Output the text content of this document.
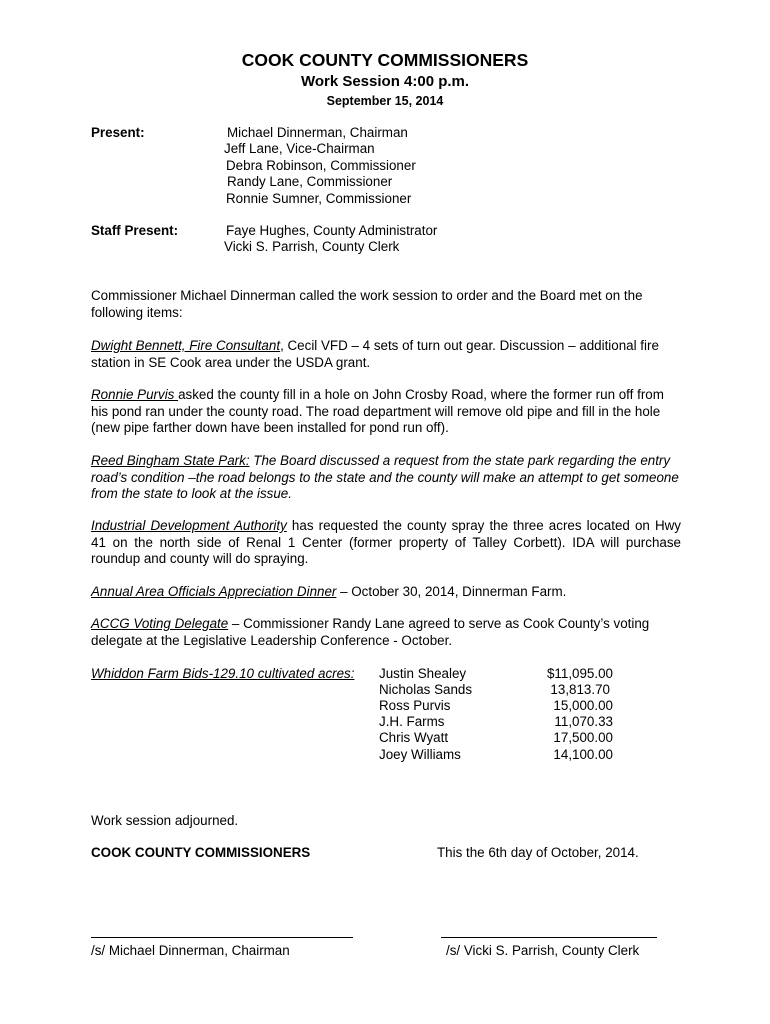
COOK COUNTY COMMISSIONERS
Work Session 4:00 p.m.
September 15, 2014
Present:	Michael Dinnerman, Chairman
Jeff Lane, Vice-Chairman
Debra Robinson, Commissioner
Randy Lane, Commissioner
Ronnie Sumner, Commissioner
Staff Present:	Faye Hughes, County Administrator
Vicki S. Parrish, County Clerk
Commissioner Michael Dinnerman called the work session to order and the Board met on the following items:
Dwight Bennett, Fire Consultant, Cecil VFD – 4 sets of turn out gear. Discussion – additional fire station in SE Cook area under the USDA grant.
Ronnie Purvis asked the county fill in a hole on John Crosby Road, where the former run off from his pond ran under the county road. The road department will remove old pipe and fill in the hole (new pipe farther down have been installed for pond run off).
Reed Bingham State Park: The Board discussed a request from the state park regarding the entry road’s condition –the road belongs to the state and the county will make an attempt to get someone from the state to look at the issue.
Industrial Development Authority has requested the county spray the three acres located on Hwy 41 on the north side of Renal 1 Center (former property of Talley Corbett). IDA will purchase roundup and county will do spraying.
Annual Area Officials Appreciation Dinner – October 30, 2014, Dinnerman Farm.
ACCG Voting Delegate – Commissioner Randy Lane agreed to serve as Cook County’s voting delegate at the Legislative Leadership Conference - October.
Whiddon Farm Bids-129.10 cultivated acres: Justin Shealey	$11,095.00
Nicholas Sands	13,813.70
Ross Purvis	15,000.00
J.H. Farms	11,070.33
Chris Wyatt	17,500.00
Joey Williams	14,100.00
Work session adjourned.
COOK COUNTY COMMISSIONERS	This the 6th day of October, 2014.
/s/ Michael Dinnerman, Chairman	/s/ Vicki S. Parrish, County Clerk
